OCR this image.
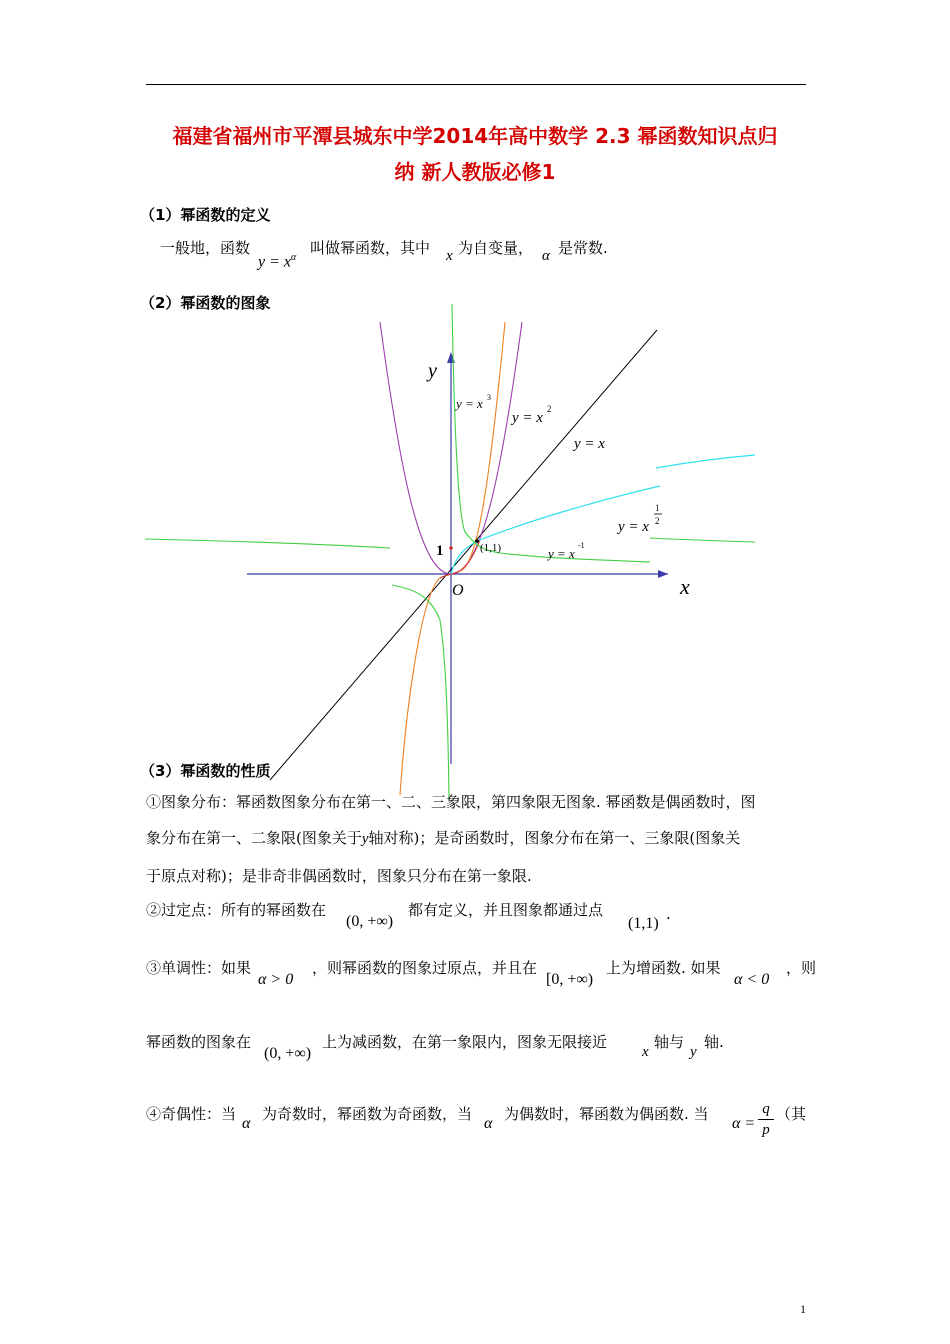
福建省福州市平潭县城东中学2014年高中数学 2.3 幂函数知识点归
纳 新人教版必修1
（1）幂函数的定义
一般地，函数
$y = x^\alpha$
叫做幂函数，其中 x 为自变量， α 是常数.
（2）幂函数的图象
y
x
O
1	(1,1)
y = x 3
y = x
2
y = x
y = x
1
2
y = x
-1
（3）幂函数的性质
①图象分布：幂函数图象分布在第一、二、三象限，第四象限无图象. 幂函数是偶函数时，图
象分布在第一、二象限(图象关于y轴对称)；是奇函数时，图象分布在第一、三象限(图象关
于原点对称)；是非奇非偶函数时，图象只分布在第一象限.
②过定点：所有的幂函数在
(0, +∞)
都有定义，并且图象都通过点
(1,1)
.
③单调性：如果
α > 0
，则幂函数的图象过原点，并且在
[0, +∞)
上为增函数. 如果
α < 0
，则
幂函数的图象在
(0, +∞)
上为减函数，在第一象限内，图象无限接近
x
轴与
y
轴.
④奇偶性：当
α
为奇数时，幂函数为奇函数，当
α
为偶数时，幂函数为偶函数. 当
α =
q
p
（其
1
